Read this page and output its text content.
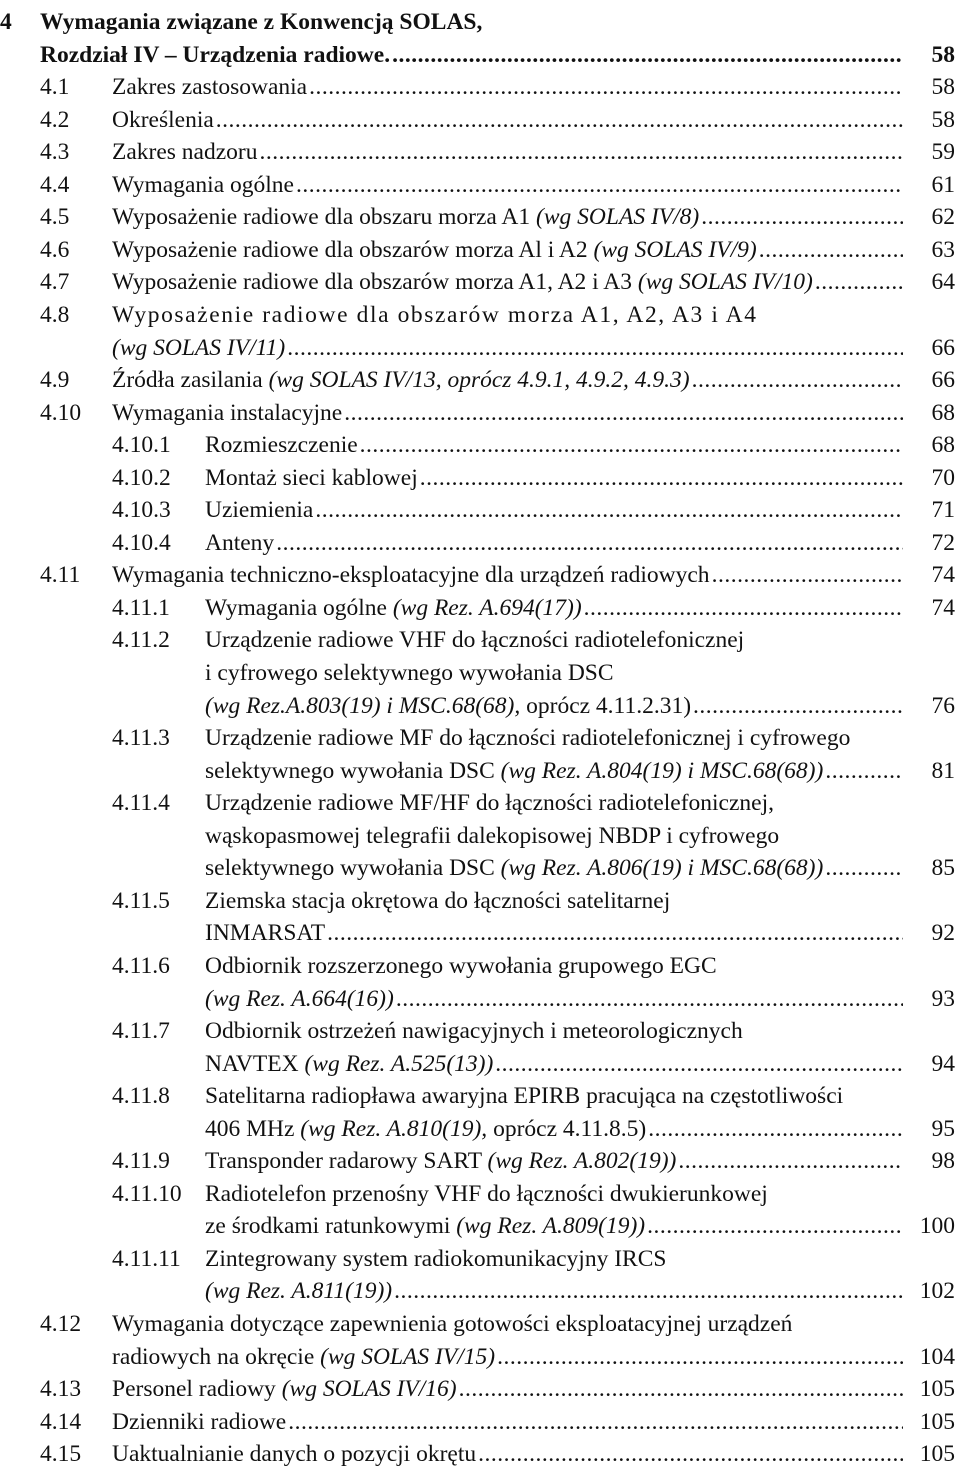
4 Wymagania związane z Konwencją SOLAS,
Rozdział IV – Urządzenia radiowe. .....	58
4.1 Zakres zastosowania .....	58
4.2 Określenia .....	58
4.3 Zakres nadzoru .....	59
4.4 Wymagania ogólne .....	61
4.5 Wyposażenie radiowe dla obszaru morza A1 (wg SOLAS IV/8) .....	62
4.6 Wyposażenie radiowe dla obszarów morza Al i A2 (wg SOLAS IV/9) .....	63
4.7 Wyposażenie radiowe dla obszarów morza A1, A2 i A3 (wg SOLAS IV/10) .....	64
4.8 Wyposażenie radiowe dla obszarów morza A1, A2, A3 i A4
(wg SOLAS IV/11) .....	66
4.9 Źródła zasilania (wg SOLAS IV/13, oprócz 4.9.1, 4.9.2, 4.9.3) .....	66
4.10 Wymagania instalacyjne .....	68
4.10.1 Rozmieszczenie .....	68
4.10.2 Montaż sieci kablowej .....	70
4.10.3 Uziemienia .....	71
4.10.4 Anteny .....	72
4.11 Wymagania techniczno-eksploatacyjne dla urządzeń radiowych .....	74
4.11.1 Wymagania ogólne (wg Rez. A.694(17)) .....	74
4.11.2 Urządzenie radiowe VHF do łączności radiotelefonicznej
i cyfrowego selektywnego wywołania DSC
(wg Rez.A.803(19) i MSC.68(68), oprócz 4.11.2.31) .....	76
4.11.3 Urządzenie radiowe MF do łączności radiotelefonicznej i cyfrowego
selektywnego wywołania DSC (wg Rez. A.804(19) i MSC.68(68)) .....	81
4.11.4 Urządzenie radiowe MF/HF do łączności radiotelefonicznej,
wąskopasmowej telegrafii dalekopisowej NBDP i cyfrowego
selektywnego wywołania DSC (wg Rez. A.806(19) i MSC.68(68)) .....	85
4.11.5 Ziemska stacja okrętowa do łączności satelitarnej
INMARSAT .....	92
4.11.6 Odbiornik rozszerzonego wywołania grupowego EGC
(wg Rez. A.664(16)) .....	93
4.11.7 Odbiornik ostrzeżeń nawigacyjnych i meteorologicznych
NAVTEX (wg Rez. A.525(13)) .....	94
4.11.8 Satelitarna radiopława awaryjna EPIRB pracująca na częstotliwości
406 MHz (wg Rez. A.810(19), oprócz 4.11.8.5) .....	95
4.11.9 Transponder radarowy SART (wg Rez. A.802(19)) .....	98
4.11.10 Radiotelefon przenośny VHF do łączności dwukierunkowej
ze środkami ratunkowymi (wg Rez. A.809(19)) .....	100
4.11.11 Zintegrowany system radiokomunikacyjny IRCS
(wg Rez. A.811(19)) .....	102
4.12 Wymagania dotyczące zapewnienia gotowości eksploatacyjnej urządzeń
radiowych na okręcie (wg SOLAS IV/15) .....	104
4.13 Personel radiowy (wg SOLAS IV/16) .....	105
4.14 Dzienniki radiowe .....	105
4.15 Uaktualnianie danych o pozycji okrętu .....	105
